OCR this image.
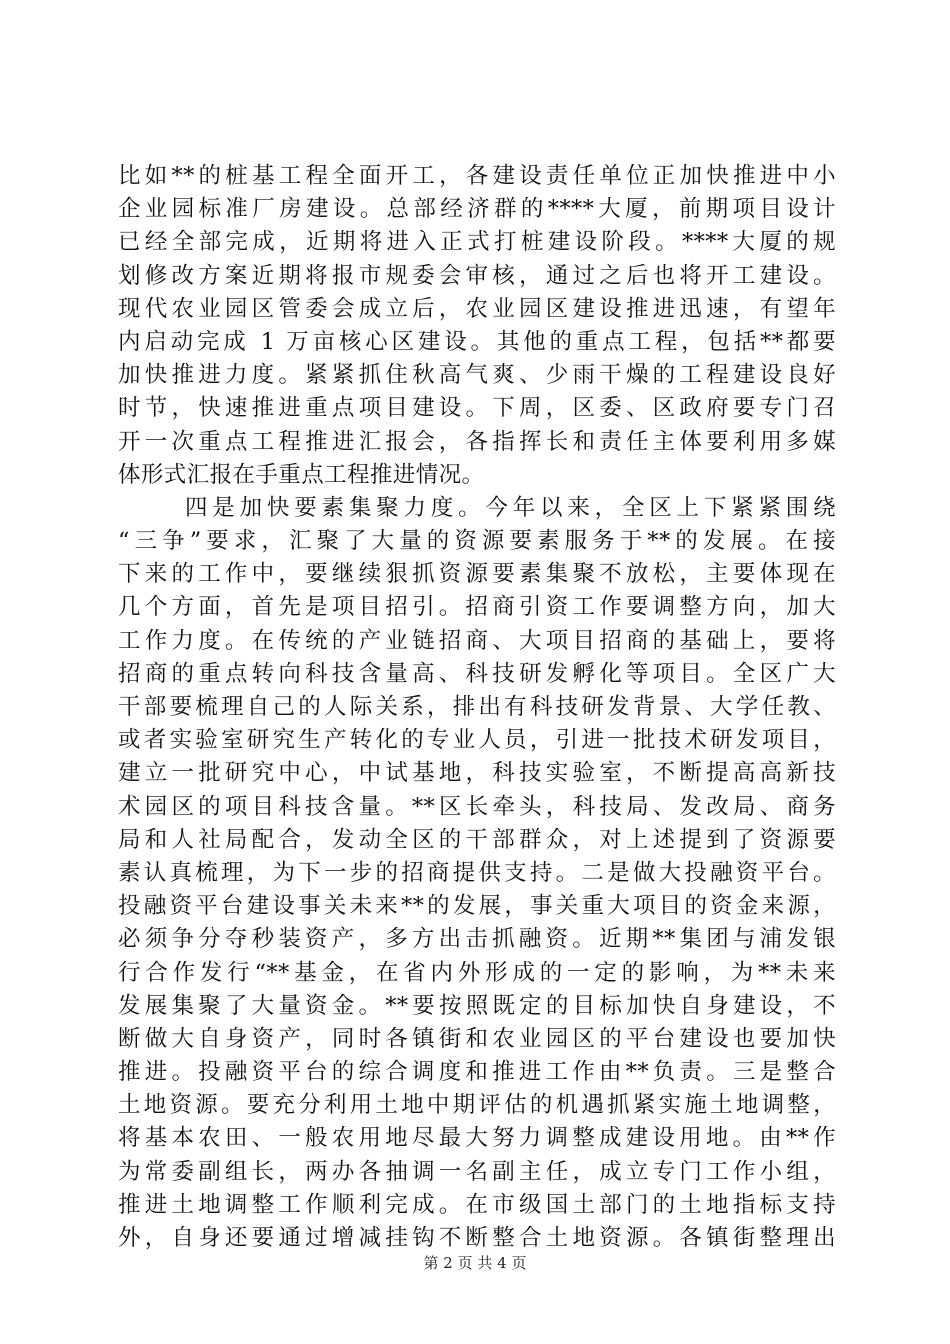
比如**的桩基工程全面开工，各建设责任单位正加快推进中小
企业园标准厂房建设。总部经济群的****大厦，前期项目设计
已经全部完成，近期将进入正式打桩建设阶段。****大厦的规
划修改方案近期将报市规委会审核，通过之后也将开工建设。
现代农业园区管委会成立后，农业园区建设推进迅速，有望年
内启动完成 1 万亩核心区建设。其他的重点工程，包括**都要
加快推进力度。紧紧抓住秋高气爽、少雨干燥的工程建设良好
时节，快速推进重点项目建设。下周，区委、区政府要专门召
开一次重点工程推进汇报会，各指挥长和责任主体要利用多媒
体形式汇报在手重点工程推进情况。
四是加快要素集聚力度。今年以来，全区上下紧紧围绕
“三争”要求，汇聚了大量的资源要素服务于**的发展。在接
下来的工作中，要继续狠抓资源要素集聚不放松，主要体现在
几个方面，首先是项目招引。招商引资工作要调整方向，加大
工作力度。在传统的产业链招商、大项目招商的基础上，要将
招商的重点转向科技含量高、科技研发孵化等项目。全区广大
干部要梳理自己的人际关系，排出有科技研发背景、大学任教、
或者实验室研究生产转化的专业人员，引进一批技术研发项目，
建立一批研究中心，中试基地，科技实验室，不断提高高新技
术园区的项目科技含量。**区长牵头，科技局、发改局、商务
局和人社局配合，发动全区的干部群众，对上述提到了资源要
素认真梳理，为下一步的招商提供支持。二是做大投融资平台。
投融资平台建设事关未来**的发展，事关重大项目的资金来源，
必须争分夺秒装资产，多方出击抓融资。近期**集团与浦发银
行合作发行“**基金，在省内外形成的一定的影响，为**未来
发展集聚了大量资金。**要按照既定的目标加快自身建设，不
断做大自身资产，同时各镇街和农业园区的平台建设也要加快
推进。投融资平台的综合调度和推进工作由**负责。三是整合
土地资源。要充分利用土地中期评估的机遇抓紧实施土地调整，
将基本农田、一般农用地尽最大努力调整成建设用地。由**作
为常委副组长，两办各抽调一名副主任，成立专门工作小组，
推进土地调整工作顺利完成。在市级国土部门的土地指标支持
外，自身还要通过增减挂钩不断整合土地资源。各镇街整理出
第 2 页 共 4 页
